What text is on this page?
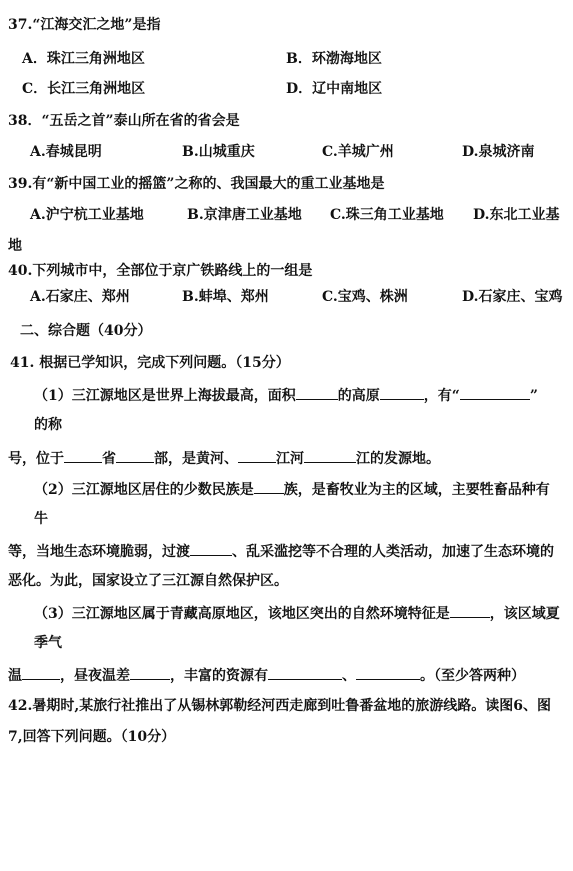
37.“江海交汇之地”是指
A．珠江三角洲地区	B．环渤海地区
C．长江三角洲地区	D．辽中南地区
38．“五岳之首”泰山所在省的省会是
A.春城昆明	B.山城重庆	C.羊城广州	D.泉城济南
39.有“新中国工业的摇篮”之称的、我国最大的重工业基地是
A.沪宁杭工业基地	B.京津唐工业基地 C.珠三角工业基地 D.东北工业基
地
40.下列城市中，全部位于京广铁路线上的一组是
A.石家庄、郑州	B.蚌埠、郑州	C.宝鸡、株洲	D.石家庄、宝鸡
二、综合题（40分）
41. 根据已学知识，完成下列问题。（15分）
（1）三江源地区是世界上海拔最高，面积	的高原	，有“	”
的称
号，位于	省	部，是黄河、	江河	江的发源地。
（2）三江源地区居住的少数民族是 族，是畜牧业为主的区域，主要牲畜品种有
牛
等，当地生态环境脆弱，过渡	、乱采滥挖等不合理的人类活动，加速了生态环境的
恶化。为此，国家设立了三江源自然保护区。
（3）三江源地区属于青藏高原地区，该地区突出的自然环境特征是	，该区域夏
季气
温	，昼夜温差	，丰富的资源有	、	。（至少答两种）
42.暑期时,某旅行社推出了从锡林郭勒经河西走廊到吐鲁番盆地的旅游线路。读图6、图
7,回答下列问题。（10分）
